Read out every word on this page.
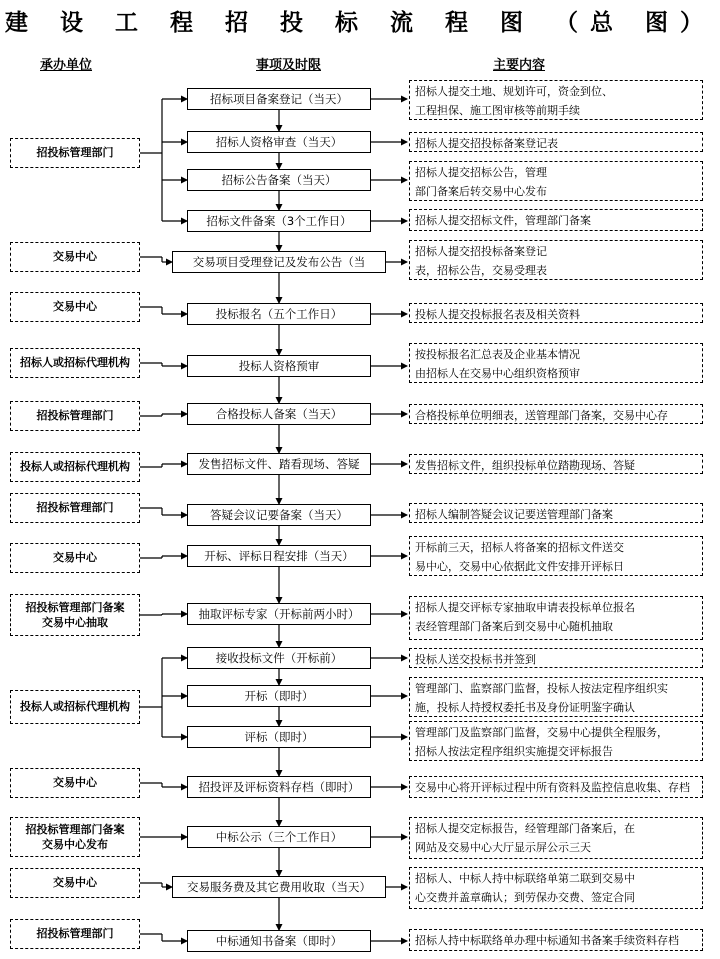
建 设 工 程 招 投 标 流 程 图 （总 图）
承办单位	事项及时限	主要内容
招投标管理部门
交易中心
交易中心
招标人或招标代理机构
招投标管理部门
投标人或招标代理机构
招投标管理部门
交易中心
招投标管理部门备案
交易中心抽取
投标人或招标代理机构
交易中心
招投标管理部门备案
交易中心发布
交易中心
招投标管理部门
招标项目备案登记（当天）
招标人资格审查（当天）
招标公告备案（当天）
招标文件备案（3个工作日）
交易项目受理登记及发布公告（当
投标报名（五个工作日）
投标人资格预审
合格投标人备案（当天）
发售招标文件、踏看现场、答疑
答疑会议记要备案（当天）
开标、评标日程安排（当天）
抽取评标专家（开标前两小时）
接收投标文件（开标前）
开标（即时）
评标（即时）
招投评及评标资料存档（即时）
中标公示（三个工作日）
交易服务费及其它费用收取（当天）
中标通知书备案（即时）
招标人提交土地、规划许可，资金到位、
工程担保、施工图审核等前期手续
招标人提交招投标备案登记表
招标人提交招标公告，管理
部门备案后转交易中心发布
招标人提交招标文件，管理部门备案
招标人提交招投标备案登记
表，招标公告，交易受理表
投标人提交投标报名表及相关资料
按投标报名汇总表及企业基本情况
由招标人在交易中心组织资格预审
合格投标单位明细表，送管理部门备案，交易中心存
发售招标文件，组织投标单位踏勘现场、答疑
招标人编制答疑会议记要送管理部门备案
开标前三天，招标人将备案的招标文件送交
易中心，交易中心依据此文件安排开评标日
招标人提交评标专家抽取申请表投标单位报名
表经管理部门备案后到交易中心随机抽取
投标人送交投标书并签到
管理部门、监察部门监督，投标人按法定程序组织实
施，投标人持授权委托书及身份证明鉴字确认
管理部门及监察部门监督，交易中心提供全程服务，
招标人按法定程序组织实施提交评标报告
交易中心将开评标过程中所有资料及监控信息收集、存档
招标人提交定标报告，经管理部门备案后，在
网站及交易中心大厅显示屏公示三天
招标人、中标人持中标联络单第二联到交易中
心交费并盖章确认；到劳保办交费、签定合同
招标人持中标联络单办理中标通知书备案手续资料存档
